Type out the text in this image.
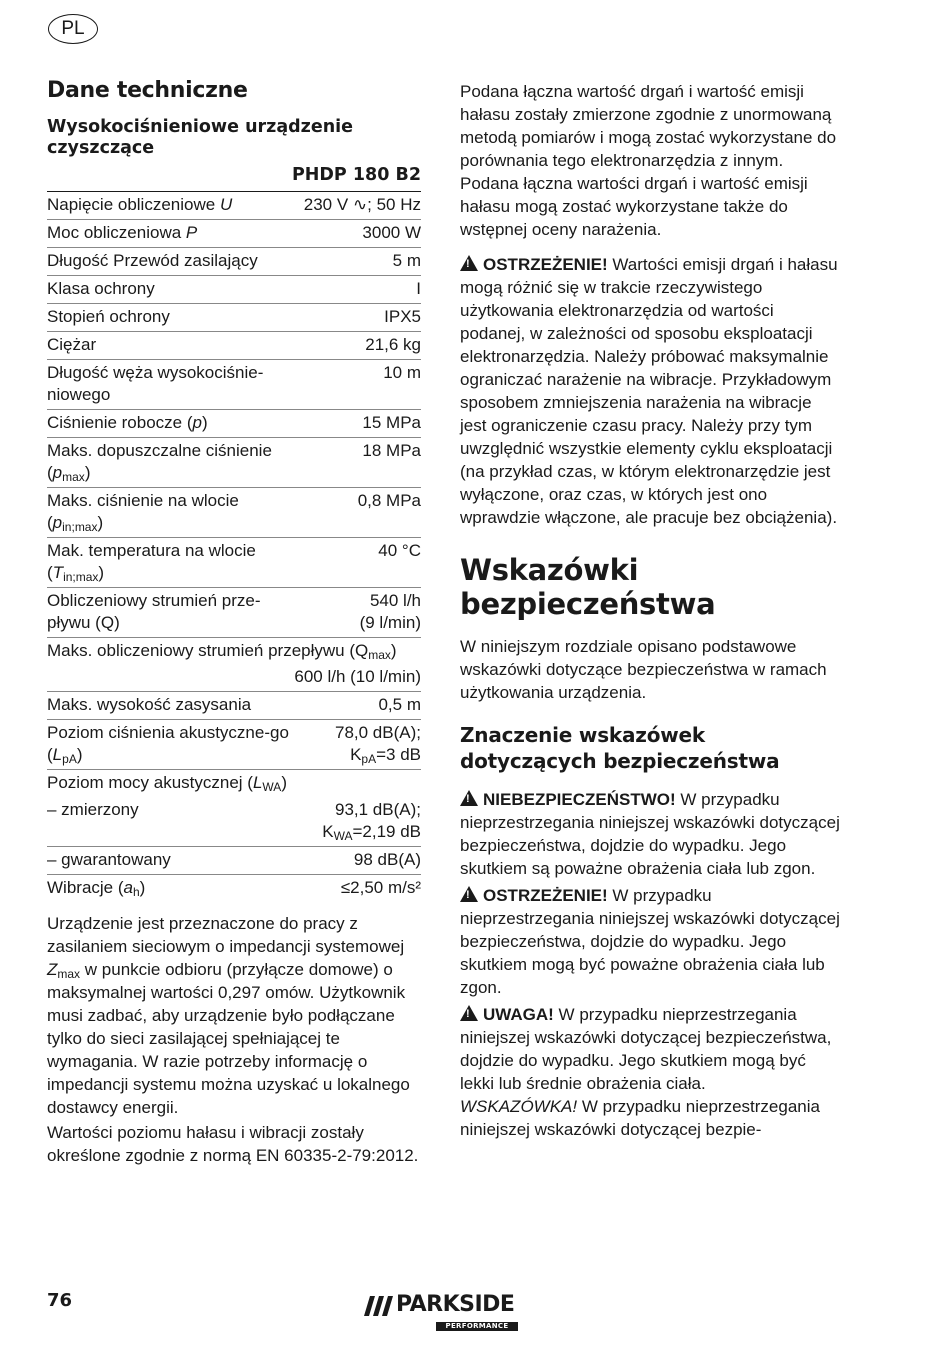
PL
Dane techniczne
Wysokociśnieniowe urządzenie czyszczące
PHDP 180 B2
Napięcie obliczeniowe U	230 V ∿; 50 Hz
Moc obliczeniowa P	3000 W
Długość Przewód zasilający	5 m
Klasa ochrony	I
Stopień ochrony	IPX5
Ciężar	21,6 kg
Długość węża wysokociśnie-niowego	10 m
Ciśnienie robocze (p)	15 MPa
Maks. dopuszczalne ciśnienie $(p_{max})$	18 MPa
Maks. ciśnienie na wlocie $(p_{in;max})$	0,8 MPa
Mak. temperatura na wlocie $(T_{in;max})$	40 °C
Obliczeniowy strumień prze-pływu (Q)	540 l/h
(9 l/min)
Maks. obliczeniowy strumień przepływu $(Q_{max})$
600 l/h (10 l/min)	

Maks. wysokość zasysania	0,5 m
Poziom ciśnienia akustyczne-go $(L_{pA})$	78,0 dB(A);
$K_{pA}=3$ dB
Poziom mocy akustycznej $(L_{WA})$	
– zmierzony	93,1 dB(A);
$K_{WA}=2,19$ dB
– gwarantowany	98 dB(A)
Wibracje $(a_h)$	≤2,50 m/s²

Urządzenie jest przeznaczone do pracy z zasilaniem sieciowym o impedancji systemowej $Z_{max}$ w punkcie odbioru (przyłącze domowe) o maksymalnej wartości 0,297 omów. Użytkownik musi zadbać, aby urządzenie było podłączane tylko do sieci zasilającej spełniającej te wymagania. W razie potrzeby informację o impedancji systemu można uzyskać u lokalnego dostawcy energii.

Wartości poziomu hałasu i wibracji zostały określone zgodnie z normą EN 60335-2-79:2012.

Podana łączna wartość drgań i wartość emisji hałasu zostały zmierzone zgodnie z unormowaną metodą pomiarów i mogą zostać wykorzystane do porównania tego elektronarzędzia z innym. Podana łączna wartości drgań i wartość emisji hałasu mogą zostać wykorzystane także do wstępnej oceny narażenia.

!OSTRZEŻENIE! Wartości emisji drgań i hałasu mogą różnić się w trakcie rzeczywistego użytkowania elektronarzędzia od wartości podanej, w zależności od sposobu eksploatacji elektronarzędzia. Należy próbować maksymalnie ograniczać narażenie na wibracje. Przykładowym sposobem zmniejszenia narażenia na wibracje jest ograniczenie czasu pracy. Należy przy tym uwzględnić wszystkie elementy cyklu eksploatacji (na przykład czas, w którym elektronarzędzie jest wyłączone, oraz czas, w których jest ono wprawdzie włączone, ale pracuje bez obciążenia).

Wskazówki bezpieczeństwa

W niniejszym rozdziale opisano podstawowe wskazówki dotyczące bezpieczeństwa w ramach użytkowania urządzenia.

Znaczenie wskazówek dotyczących bezpieczeństwa

!NIEBEZPIECZEŃSTWO! W przypadku nieprzestrzegania niniejszej wskazówki dotyczącej bezpieczeństwa, dojdzie do wypadku. Jego skutkiem są poważne obrażenia ciała lub zgon.

!OSTRZEŻENIE! W przypadku nieprzestrzegania niniejszej wskazówki dotyczącej bezpieczeństwa, dojdzie do wypadku. Jego skutkiem mogą być poważne obrażenia ciała lub zgon.

!UWAGA! W przypadku nieprzestrzegania niniejszej wskazówki dotyczącej bezpieczeństwa, dojdzie do wypadku. Jego skutkiem mogą być lekki lub średnie obrażenia ciała.
WSKAZÓWKA! W przypadku nieprzestrzegania niniejszej wskazówki dotyczącej bezpie-

76	PARKSIDE
PERFORMANCE
